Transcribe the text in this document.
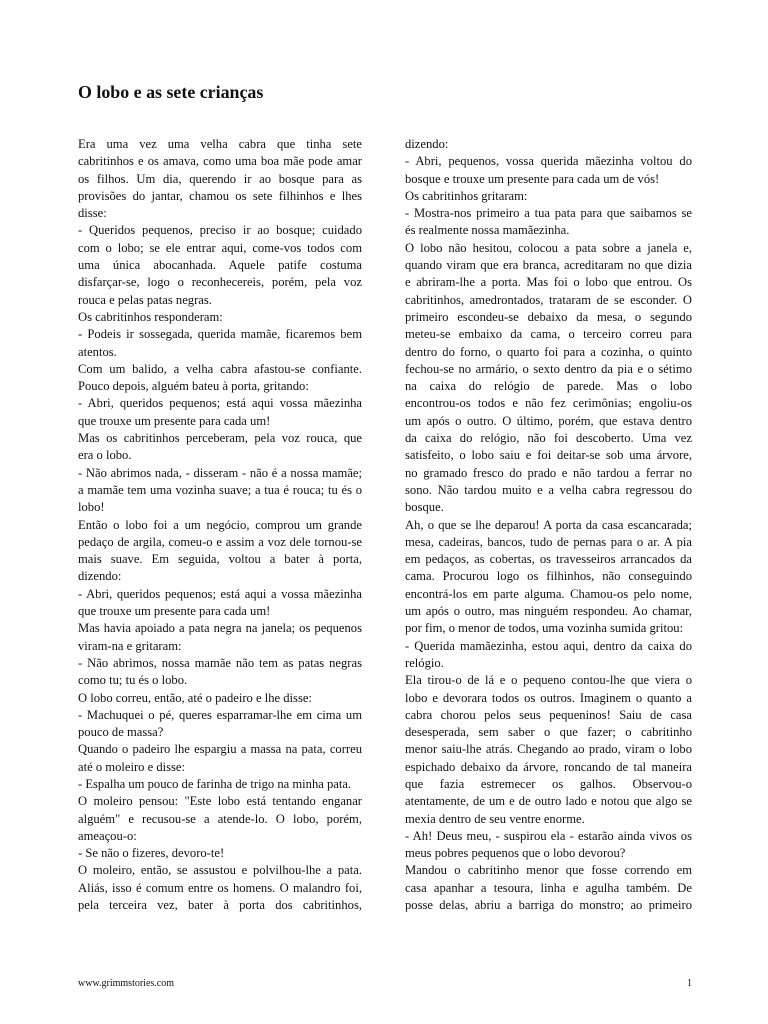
O lobo e as sete crianças
Era uma vez uma velha cabra que tinha sete
cabritinhos e os amava, como uma boa mãe pode amar
os filhos. Um dia, querendo ir ao bosque para as
provisões do jantar, chamou os sete filhinhos e lhes
disse:
- Queridos pequenos, preciso ir ao bosque; cuidado
com o lobo; se ele entrar aqui, come-vos todos com
uma única abocanhada. Aquele patife costuma
disfarçar-se, logo o reconhecereis, porém, pela voz
rouca e pelas patas negras.
Os cabritinhos responderam:
- Podeis ir sossegada, querida mamãe, ficaremos bem
atentos.
Com um balido, a velha cabra afastou-se confiante.
Pouco depois, alguém bateu à porta, gritando:
- Abri, queridos pequenos; está aqui vossa mãezinha
que trouxe um presente para cada um!
Mas os cabritinhos perceberam, pela voz rouca, que
era o lobo.
- Não abrimos nada, - disseram - não é a nossa mamãe;
a mamãe tem uma vozinha suave; a tua é rouca; tu és o
lobo!
Então o lobo foi a um negócio, comprou um grande
pedaço de argila, comeu-o e assim a voz dele tornou-se
mais suave. Em seguida, voltou a bater à porta,
dizendo:
- Abri, queridos pequenos; está aqui a vossa mãezinha
que trouxe um presente para cada um!
Mas havia apoiado a pata negra na janela; os pequenos
viram-na e gritaram:
- Não abrimos, nossa mamãe não tem as patas negras
como tu; tu és o lobo.
O lobo correu, então, até o padeiro e lhe disse:
- Machuquei o pé, queres esparramar-lhe em cima um
pouco de massa?
Quando o padeiro lhe espargiu a massa na pata, correu
até o moleiro e disse:
- Espalha um pouco de farinha de trigo na minha pata.
O moleiro pensou: "Este lobo está tentando enganar
alguém" e recusou-se a atende-lo. O lobo, porém,
ameaçou-o:
- Se não o fizeres, devoro-te!
O moleiro, então, se assustou e polvilhou-lhe a pata.
Aliás, isso é comum entre os homens. O malandro foi,
pela terceira vez, bater à porta dos cabritinhos,
dizendo:
- Abri, pequenos, vossa querida mãezinha voltou do
bosque e trouxe um presente para cada um de vós!
Os cabritinhos gritaram:
- Mostra-nos primeiro a tua pata para que saibamos se
és realmente nossa mamãezinha.
O lobo não hesitou, colocou a pata sobre a janela e,
quando viram que era branca, acreditaram no que dizia
e abriram-lhe a porta. Mas foi o lobo que entrou. Os
cabritinhos, amedrontados, trataram de se esconder. O
primeiro escondeu-se debaixo da mesa, o segundo
meteu-se embaixo da cama, o terceiro correu para
dentro do forno, o quarto foi para a cozinha, o quinto
fechou-se no armário, o sexto dentro da pia e o sétimo
na caixa do relógio de parede. Mas o lobo
encontrou-os todos e não fez cerimônias; engoliu-os
um após o outro. O último, porém, que estava dentro
da caixa do relógio, não foi descoberto. Uma vez
satisfeito, o lobo saiu e foi deitar-se sob uma árvore,
no gramado fresco do prado e não tardou a ferrar no
sono. Não tardou muito e a velha cabra regressou do
bosque.
Ah, o que se lhe deparou! A porta da casa escancarada;
mesa, cadeiras, bancos, tudo de pernas para o ar. A pia
em pedaços, as cobertas, os travesseiros arrancados da
cama. Procurou logo os filhinhos, não conseguindo
encontrá-los em parte alguma. Chamou-os pelo nome,
um após o outro, mas ninguém respondeu. Ao chamar,
por fim, o menor de todos, uma vozinha sumida gritou:
- Querida mamãezinha, estou aqui, dentro da caixa do
relógio.
Ela tirou-o de lá e o pequeno contou-lhe que viera o
lobo e devorara todos os outros. Imaginem o quanto a
cabra chorou pelos seus pequeninos! Saiu de casa
desesperada, sem saber o que fazer; o cabritinho
menor saiu-lhe atrás. Chegando ao prado, viram o lobo
espichado debaixo da árvore, roncando de tal maneira
que fazia estremecer os galhos. Observou-o
atentamente, de um e de outro lado e notou que algo se
mexia dentro de seu ventre enorme.
- Ah! Deus meu, - suspirou ela - estarão ainda vivos os
meus pobres pequenos que o lobo devorou?
Mandou o cabritinho menor que fosse correndo em
casa apanhar a tesoura, linha e agulha também. De
posse delas, abriu a barriga do monstro; ao primeiro
www.grimmstories.com	1
